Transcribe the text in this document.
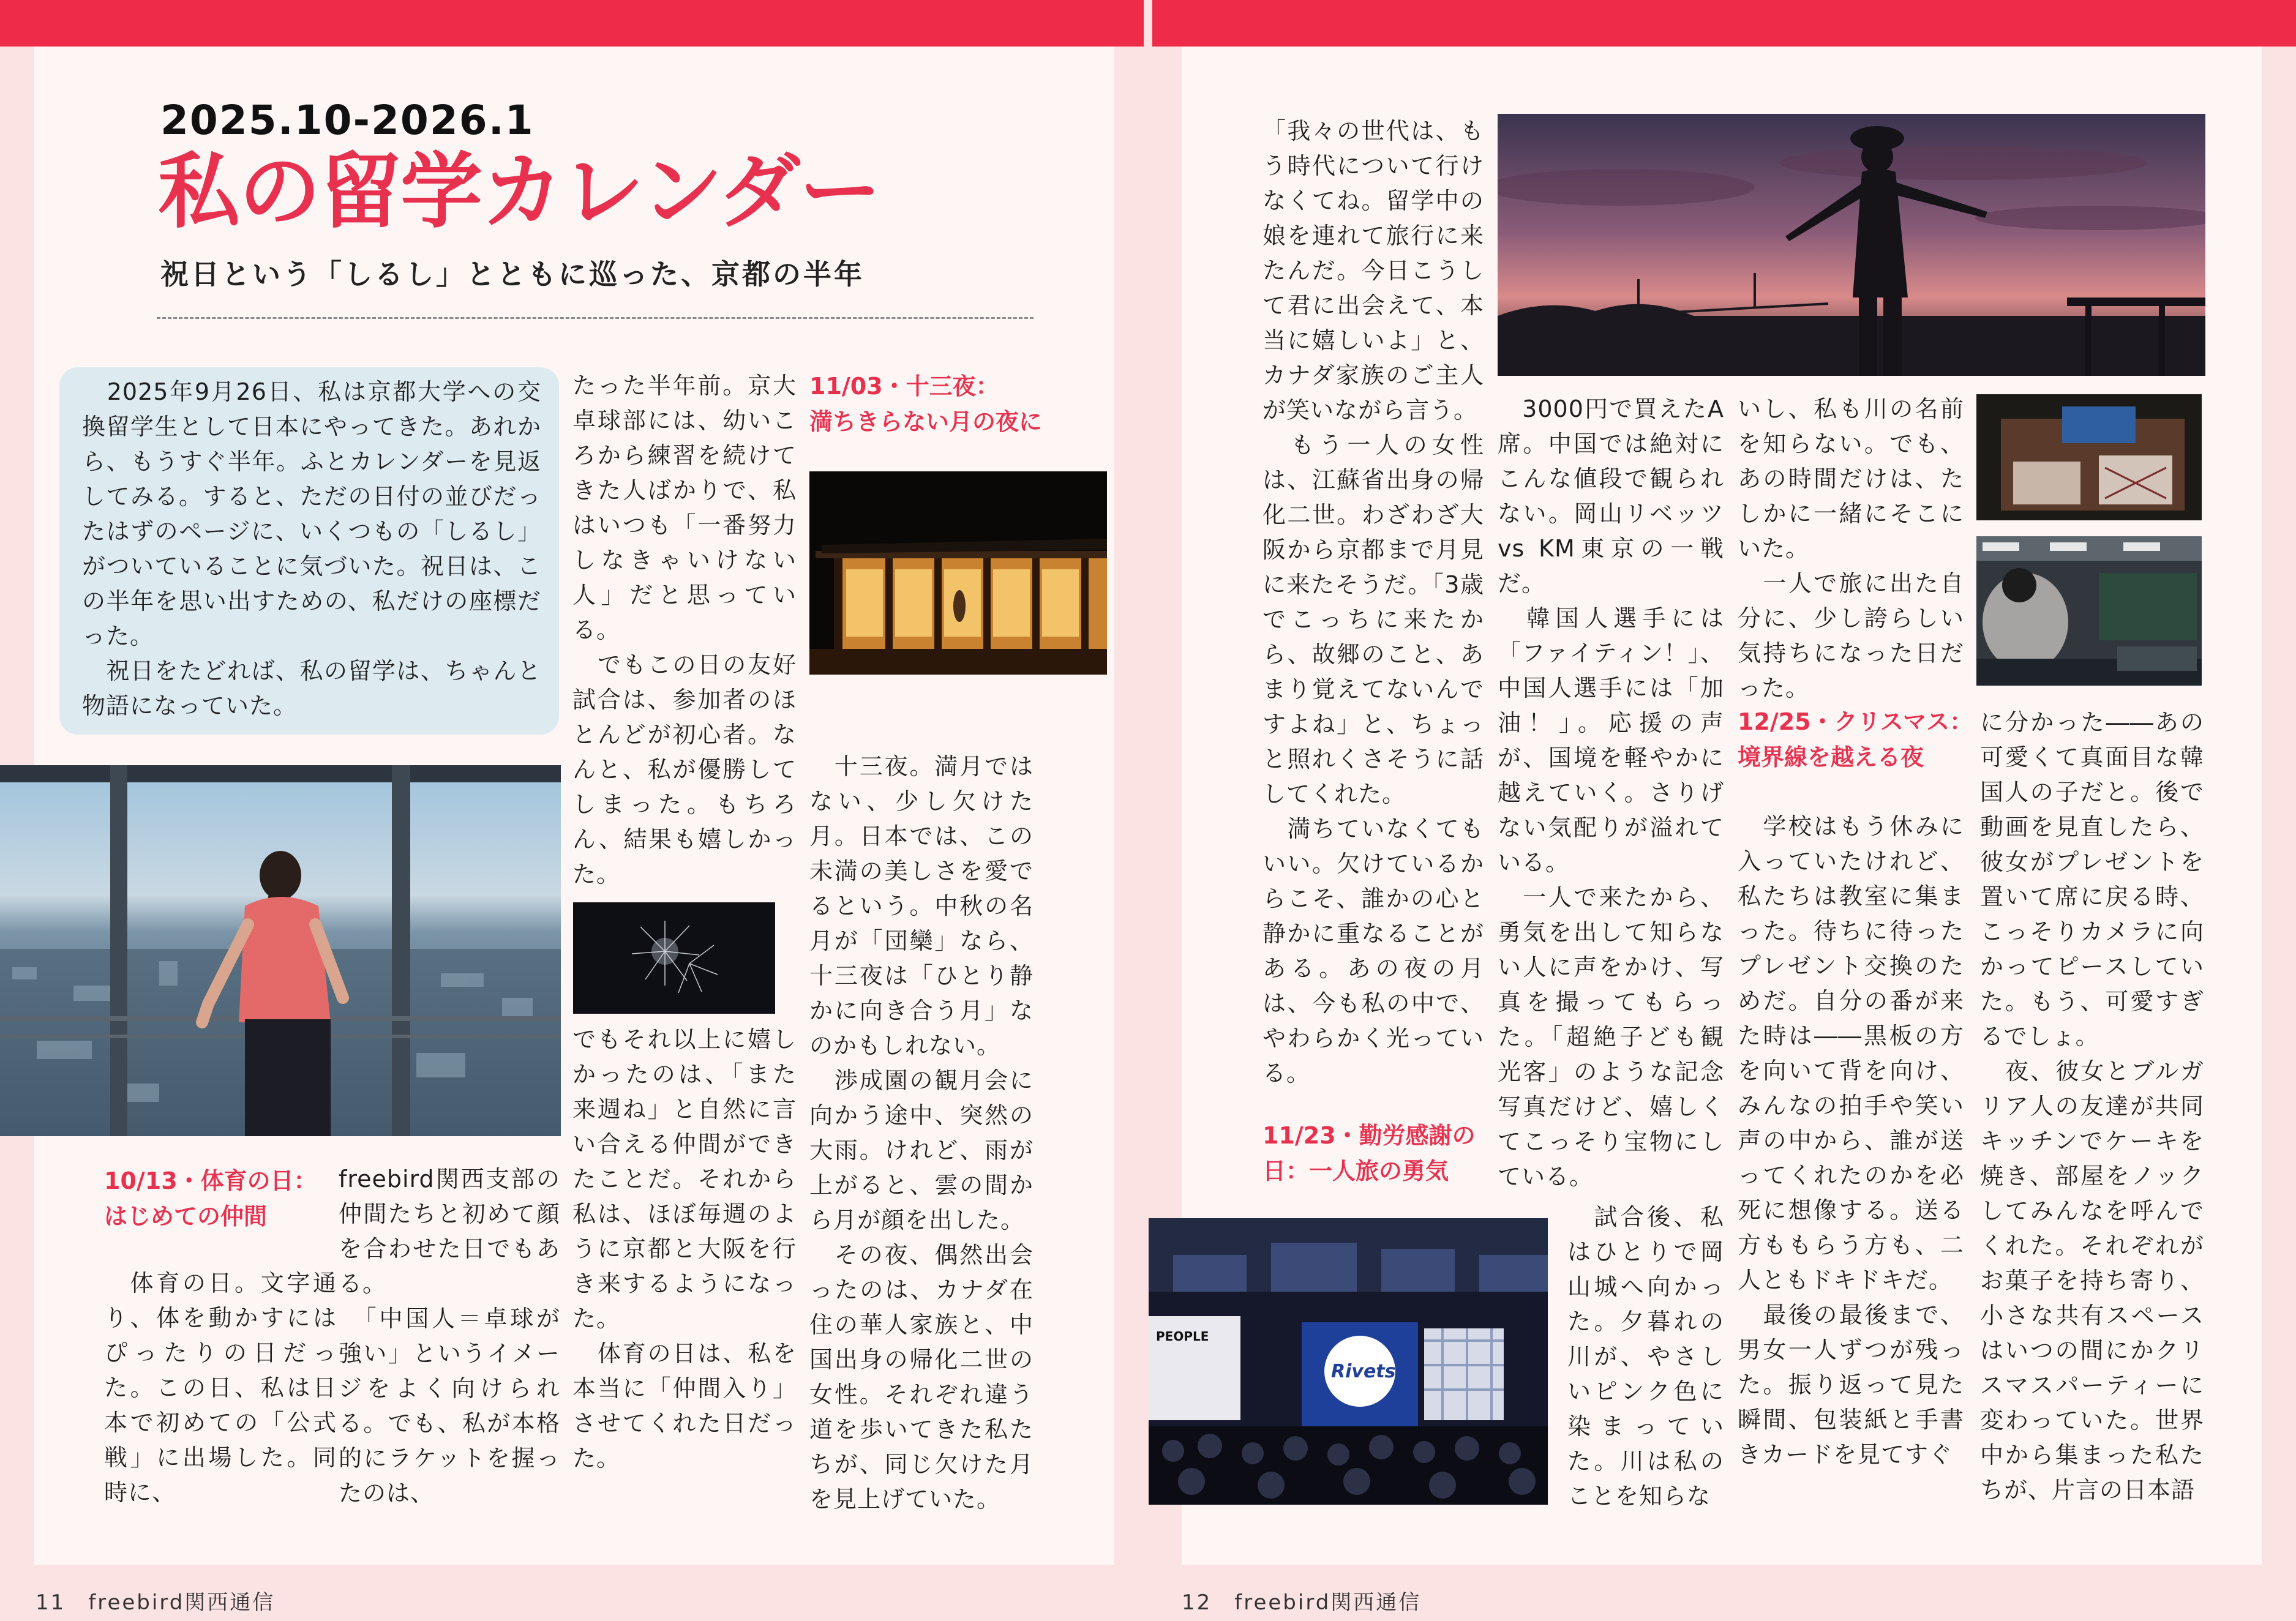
2025.10-2026.1
私の留学カレンダー
祝日という「しるし」とともに巡った、京都の半年
　2025年9月26日、私は京都大学への交換留学生として日本にやってきた。あれから、もうすぐ半年。ふとカレンダーを見返してみる。すると、ただの日付の並びだったはずのページに、いくつもの「しるし」がついていることに気づいた。祝日は、この半年を思い出すための、私だけの座標だった。
　祝日をたどれば、私の留学は、ちゃんと物語になっていた。
10/13・体育の日：
はじめての仲間
　体育の日。文字通り、体を動かすにはぴったりの日だった。この日、私は日本で初めての「公式戦」に出場した。同時に、
freebird関西支部の仲間たちと初めて顔を合わせた日でもある。
　「中国人＝卓球が強い」というイメージをよく向けられる。でも、私が本格的にラケットを握ったのは、
たった半年前。京大卓球部には、幼いころから練習を続けてきた人ばかりで、私はいつも「一番努力しなきゃいけない人」だと思っている。
　でもこの日の友好試合は、参加者のほとんどが初心者。なんと、私が優勝してしまった。もちろん、結果も嬉しかった。
でもそれ以上に嬉しかったのは、「また来週ね」と自然に言い合える仲間ができたことだ。それから私は、ほぼ毎週のように京都と大阪を行き来するようになった。
　体育の日は、私を本当に「仲間入り」させてくれた日だった。
11/03・十三夜：
満ちきらない月の夜に
　十三夜。満月ではない、少し欠けた月。日本では、この未満の美しさを愛でるという。中秋の名月が「団欒」なら、十三夜は「ひとり静かに向き合う月」なのかもしれない。
　渉成園の観月会に向かう途中、突然の大雨。けれど、雨が上がると、雲の間から月が顔を出した。
　その夜、偶然出会ったのは、カナダ在住の華人家族と、中国出身の帰化二世の女性。それぞれ違う道を歩いてきた私たちが、同じ欠けた月を見上げていた。
11　freebird関西通信
「我々の世代は、もう時代について行けなくてね。留学中の娘を連れて旅行に来たんだ。今日こうして君に出会えて、本当に嬉しいよ」と、カナダ家族のご主人が笑いながら言う。
　もう一人の女性は、江蘇省出身の帰化二世。わざわざ大阪から京都まで月見に来たそうだ。「3歳でこっちに来たから、故郷のこと、あまり覚えてないんですよね」と、ちょっと照れくさそうに話してくれた。
　満ちていなくてもいい。欠けているからこそ、誰かの心と静かに重なることがある。あの夜の月は、今も私の中で、やわらかく光っている。
　3000円で買えたA席。中国では絶対にこんな値段で観られない。岡山リベッツvs KM東京の一戦だ。
　韓国人選手には「ファイティン！」、中国人選手には「加油！」。応援の声が、国境を軽やかに越えていく。さりげない気配りが溢れている。
　一人で来たから、勇気を出して知らない人に声をかけ、写真を撮ってもらった。「超絶子ども観光客」のような記念写真だけど、嬉しくてこっそり宝物にしている。
11/23・勤労感謝の
日：一人旅の勇気
PEOPLE
Rivets
　試合後、私はひとりで岡山城へ向かった。夕暮れの川が、やさしいピンク色に染まっていた。川は私のことを知らな
いし、私も川の名前を知らない。でも、あの時間だけは、たしかに一緒にそこにいた。
　一人で旅に出た自分に、少し誇らしい気持ちになった日だった。
12/25・クリスマス：
境界線を越える夜
　学校はもう休みに入っていたけれど、私たちは教室に集まった。待ちに待ったプレゼント交換のためだ。自分の番が来た時は――黒板の方を向いて背を向け、みんなの拍手や笑い声の中から、誰が送ってくれたのかを必死に想像する。送る方ももらう方も、二人ともドキドキだ。
　最後の最後まで、男女一人ずつが残った。振り返って見た瞬間、包装紙と手書きカードを見てすぐ
に分かった――あの可愛くて真面目な韓国人の子だと。後で動画を見直したら、彼女がプレゼントを置いて席に戻る時、こっそりカメラに向かってピースしていた。もう、可愛すぎるでしょ。
　夜、彼女とブルガリア人の友達が共同キッチンでケーキを焼き、部屋をノックしてみんなを呼んでくれた。それぞれがお菓子を持ち寄り、小さな共有スペースはいつの間にかクリスマスパーティーに変わっていた。世界中から集まった私たちが、片言の日本語
12　freebird関西通信
